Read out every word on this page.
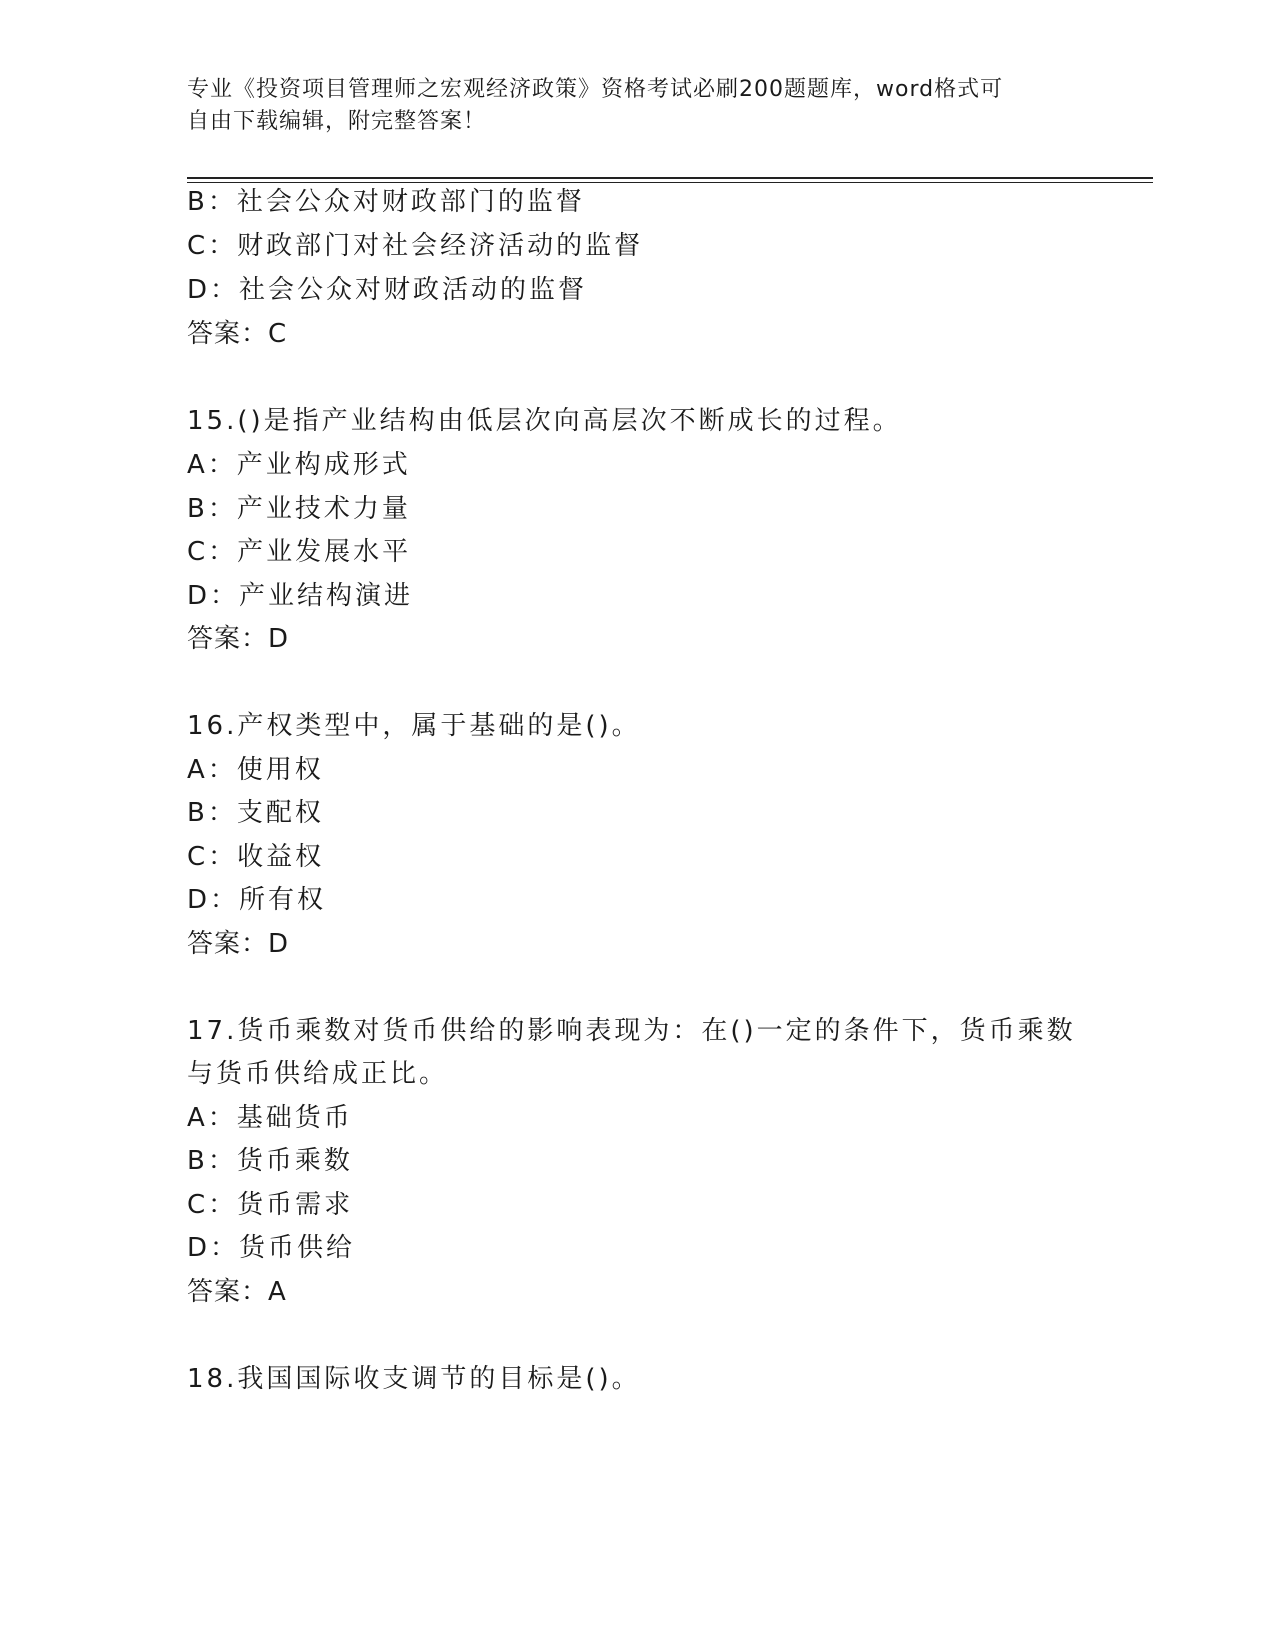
专业《投资项目管理师之宏观经济政策》资格考试必刷200题题库，word格式可
自由下载编辑，附完整答案！
B：社会公众对财政部门的监督
C：财政部门对社会经济活动的监督
D：社会公众对财政活动的监督
答案：C
15.()是指产业结构由低层次向高层次不断成长的过程。
A：产业构成形式
B：产业技术力量
C：产业发展水平
D：产业结构演进
答案：D
16.产权类型中，属于基础的是()。
A：使用权
B：支配权
C：收益权
D：所有权
答案：D
17.货币乘数对货币供给的影响表现为：在()一定的条件下，货币乘数
与货币供给成正比。
A：基础货币
B：货币乘数
C：货币需求
D：货币供给
答案：A
18.我国国际收支调节的目标是()。
